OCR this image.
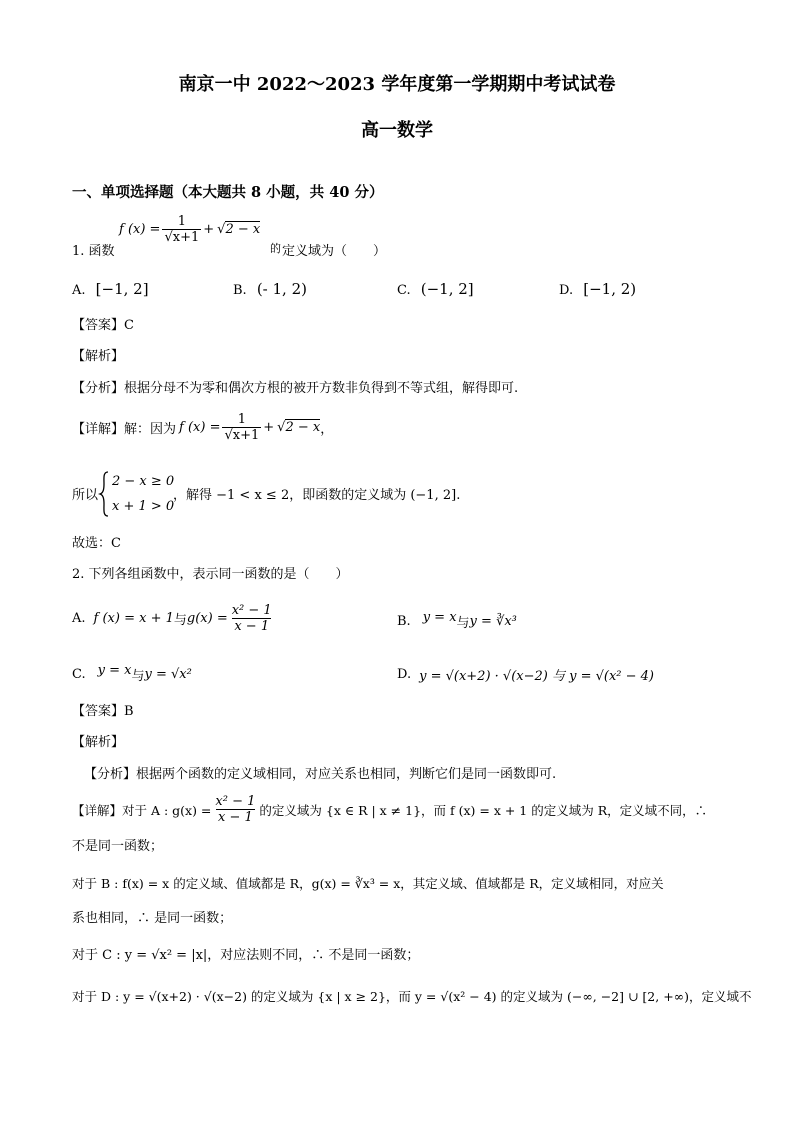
南京一中 2022～2023 学年度第一学期期中考试试卷
高一数学
一、单项选择题（本大题共 8 小题，共 40 分）
1. 函数
f $(x) = \frac{1}{√x+1} + √2 - x$
的 定义域为（　　）
A. [−1, 2]	B. (- 1, 2)	C. (−1, 2]	D. [−1, 2)
【答案】C
【解析】
【分析】根据分母不为零和偶次方根的被开方数非负得到不等式组，解得即可.
【详解】解：因为 f $(x) = \frac{1}{√x+1} + √2 - x$ ，
所以
2 − x ≥ 0
x + 1 > 0
，解得 −1 < x ≤ 2，即函数的定义域为 (−1, 2].
故选：C
2. 下列各组函数中，表示同一函数的是（　　）
A. f (x) = x + 1 与 $g(x) = \frac{\text{x² − 1}}{x - 1}$	B. y = x 与 y = ∛x³
C. y = x 与 y = √x²	D. y = √(x+2) · √(x−2) 与 y = √(x² − 4)
【答案】B
【解析】
【分析】根据两个函数的定义域相同，对应关系也相同，判断它们是同一函数即可.
【详解】对于 A : $g(x) = \frac{\text{x² − 1}}{x - 1}$ 的定义域为 {x ∈ R | x ≠ 1}，而 f (x) = x + 1 的定义域为 R，定义域不同，∴
不是同一函数；
对于 B : f(x) = x 的定义域、值域都是 R，g(x) = ∛x³ = x，其定义域、值域都是 R，定义域相同，对应关
系也相同，∴ 是同一函数；
对于 C : y = √x² = |x|，对应法则不同，∴ 不是同一函数；
对于 D : y = √(x+2) · √(x−2) 的定义域为 {x | x ≥ 2}，而 y = √(x² − 4) 的定义域为 (−∞, −2] ∪ [2, +∞)，定义域不
